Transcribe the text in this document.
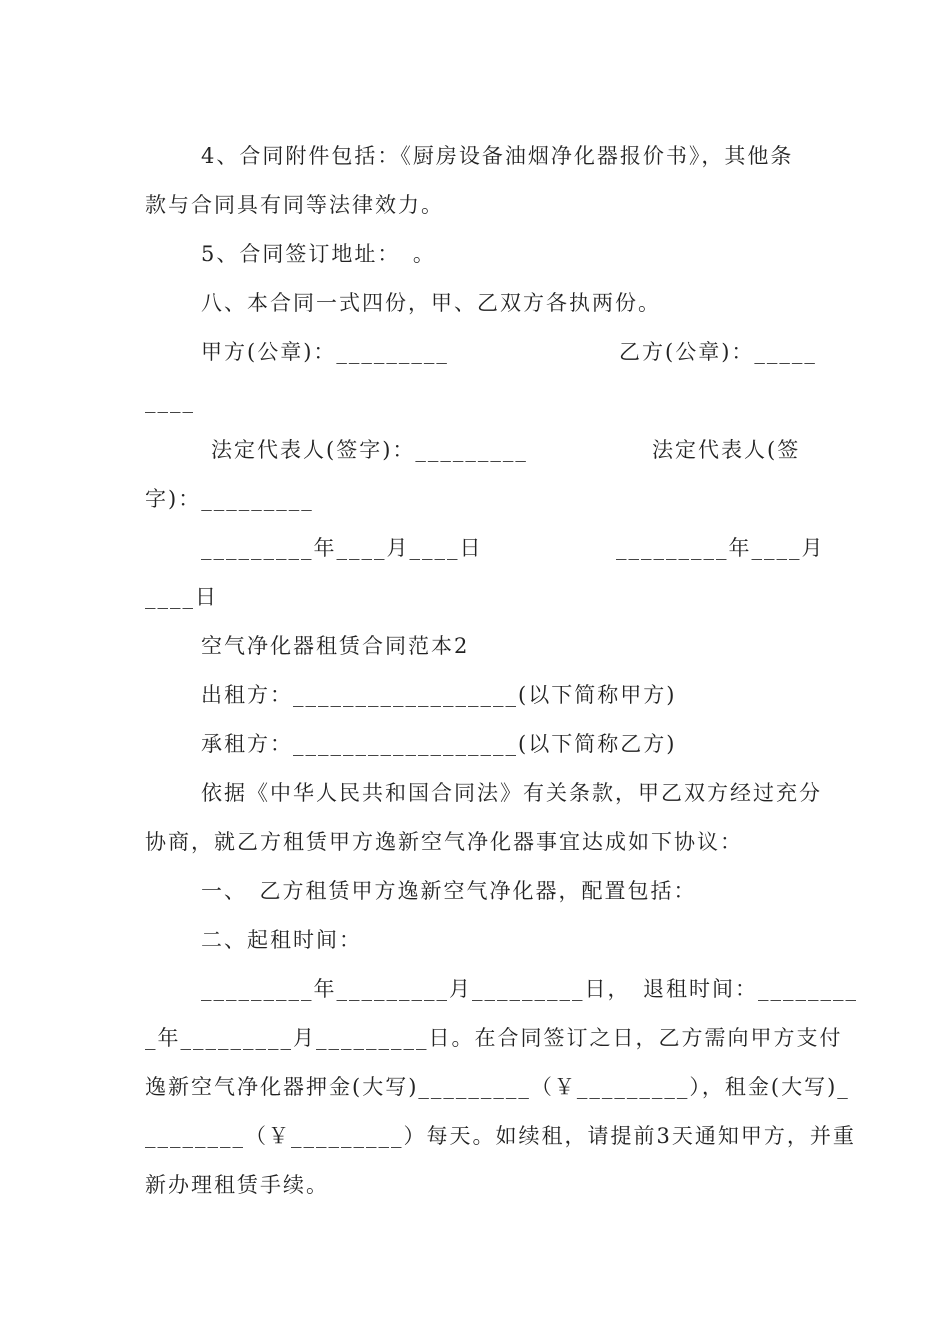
4、合同附件包括：《厨房设备油烟净化器报价书》，其他条
款与合同具有同等法律效力。
5、合同签订地址：　。
八、本合同一式四份，甲、乙双方各执两份。
甲方(公章)：_________	乙方(公章)：_____
____
法定代表人(签字)：_________	法定代表人(签
字)：_________
_________年____月____日	_________年____月
____日
空气净化器租赁合同范本2
出租方：__________________(以下简称甲方)
承租方：__________________(以下简称乙方)
依据《中华人民共和国合同法》有关条款，甲乙双方经过充分
协商，就乙方租赁甲方逸新空气净化器事宜达成如下协议：
一、　乙方租赁甲方逸新空气净化器，配置包括：
二、起租时间：
_________年_________月_________日，　退租时间：________
_年_________月_________日。在合同签订之日，乙方需向甲方支付
逸新空气净化器押金(大写)_________（￥_________），租金(大写)_
________（￥_________）每天。如续租，请提前3天通知甲方，并重
新办理租赁手续。
